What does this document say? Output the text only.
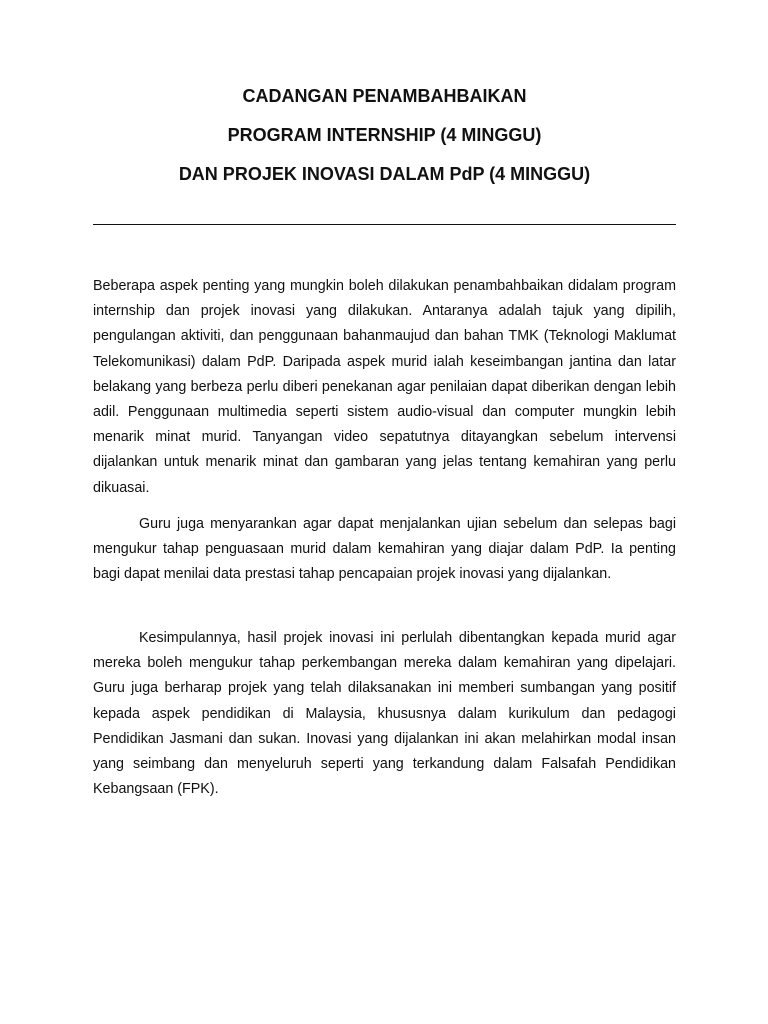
CADANGAN PENAMBAHBAIKAN
PROGRAM INTERNSHIP (4 MINGGU)
DAN PROJEK INOVASI DALAM PdP (4 MINGGU)

Beberapa aspek penting yang mungkin boleh dilakukan penambahbaikan didalam program internship dan projek inovasi yang dilakukan. Antaranya adalah tajuk yang dipilih, pengulangan aktiviti, dan penggunaan bahanmaujud dan bahan TMK (Teknologi Maklumat Telekomunikasi) dalam PdP. Daripada aspek murid ialah keseimbangan jantina dan latar belakang yang berbeza perlu diberi penekanan agar penilaian dapat diberikan dengan lebih adil. Penggunaan multimedia seperti sistem audio-visual dan computer mungkin lebih menarik minat murid. Tanyangan video sepatutnya ditayangkan sebelum intervensi dijalankan untuk menarik minat dan gambaran yang jelas tentang kemahiran yang perlu dikuasai.

Guru juga menyarankan agar dapat menjalankan ujian sebelum dan selepas bagi mengukur tahap penguasaan murid dalam kemahiran yang diajar dalam PdP. Ia penting bagi dapat menilai data prestasi tahap pencapaian projek inovasi yang dijalankan.

Kesimpulannya, hasil projek inovasi ini perlulah dibentangkan kepada murid agar mereka boleh mengukur tahap perkembangan mereka dalam kemahiran yang dipelajari. Guru juga berharap projek yang telah dilaksanakan ini memberi sumbangan yang positif kepada aspek pendidikan di Malaysia, khususnya dalam kurikulum dan pedagogi Pendidikan Jasmani dan sukan. Inovasi yang dijalankan ini akan melahirkan modal insan yang seimbang dan menyeluruh seperti yang terkandung dalam Falsafah Pendidikan Kebangsaan (FPK).
